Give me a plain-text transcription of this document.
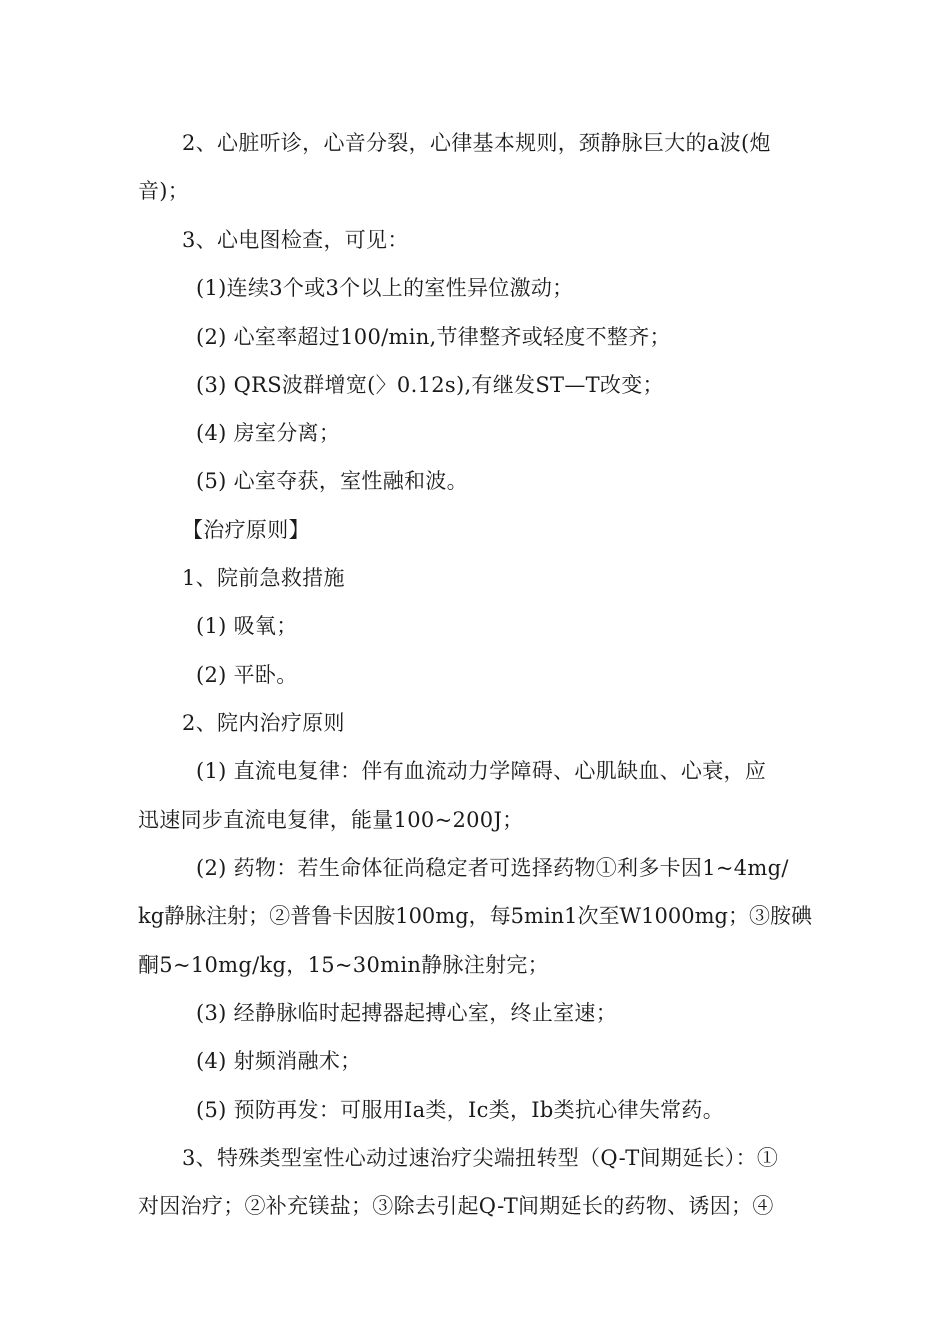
2、心脏听诊，心音分裂，心律基本规则，颈静脉巨大的a波(炮

音)；

3、心电图检查，可见：

(1)连续3个或3个以上的室性异位激动；

(2) 心室率超过100/min,节律整齐或轻度不整齐；

(3) QRS波群增宽(〉0.12s),有继发ST—T改变；

(4) 房室分离；

(5) 心室夺获，室性融和波。

【治疗原则】

1、院前急救措施

(1) 吸氧；

(2) 平卧。

2、院内治疗原则

(1) 直流电复律：伴有血流动力学障碍、心肌缺血、心衰，应

迅速同步直流电复律，能量100~200J；

(2) 药物：若生命体征尚稳定者可选择药物①利多卡因1~4mg/

kg静脉注射；②普鲁卡因胺100mg，每5min1次至W1000mg；③胺碘

酮5~10mg/kg，15~30min静脉注射完；

(3) 经静脉临时起搏器起搏心室，终止室速；

(4) 射频消融术；

(5) 预防再发：可服用Ia类，Ic类，Ib类抗心律失常药。

3、特殊类型室性心动过速治疗尖端扭转型（Q-T间期延长）：①

对因治疗；②补充镁盐；③除去引起Q-T间期延长的药物、诱因；④
